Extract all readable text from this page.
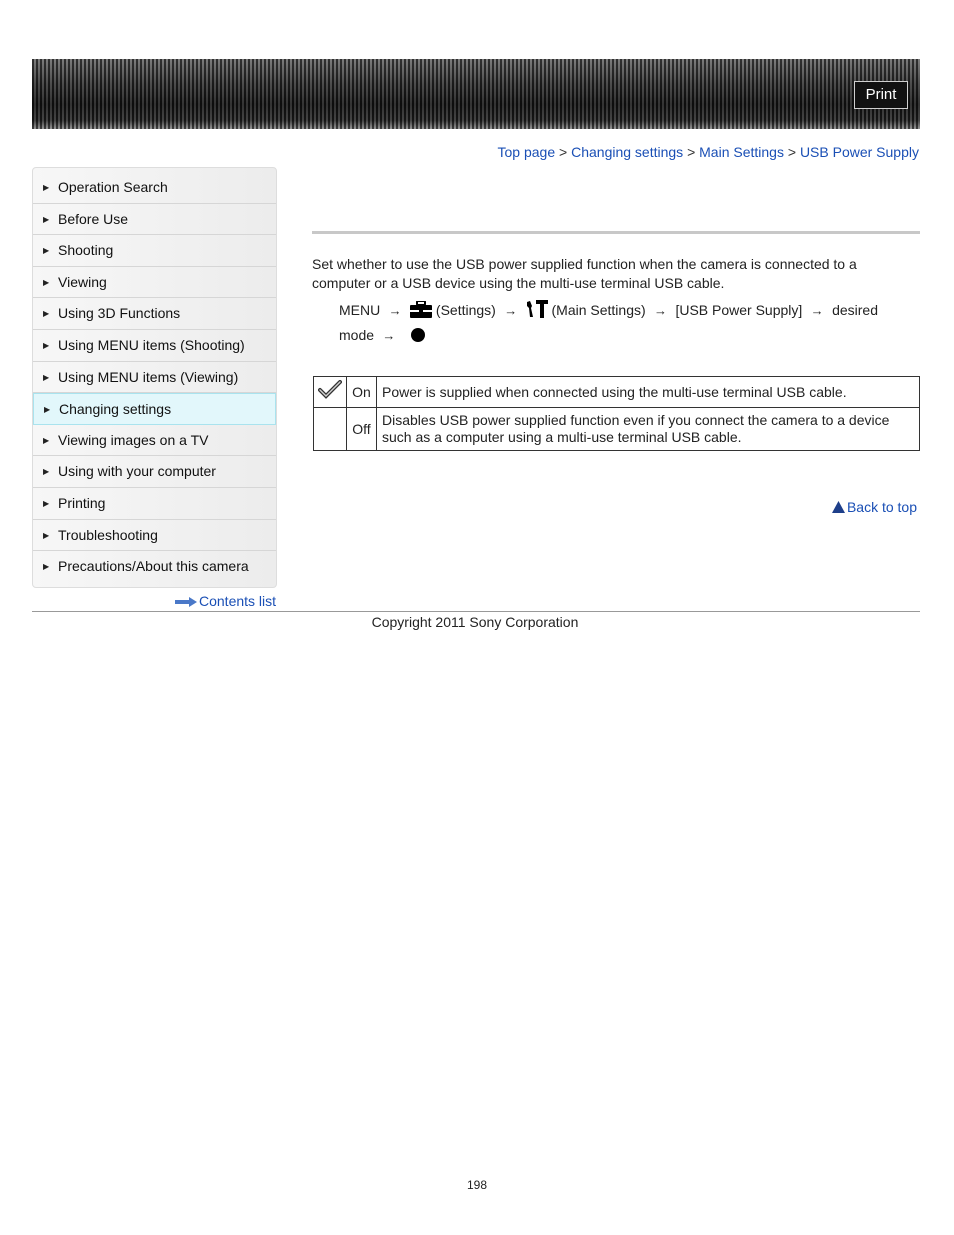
Print
Top page > Changing settings > Main Settings > USB Power Supply
▶ Operation Search
▶ Before Use
▶ Shooting
▶ Viewing
▶ Using 3D Functions
▶ Using MENU items (Shooting)
▶ Using MENU items (Viewing)
▶ Changing settings
▶ Viewing images on a TV
▶ Using with your computer
▶ Printing
▶ Troubleshooting
▶ Precautions/About this camera
Contents list
Set whether to use the USB power supplied function when the camera is connected to a computer or a USB device using the multi-use terminal USB cable.
MENU → (Settings) → (Main Settings) → [USB Power Supply] → desired
mode →
	On	Power is supplied when connected using the multi-use terminal USB cable.
	Off	Disables USB power supplied function even if you connect the camera to a device such as a computer using a multi-use terminal USB cable.
Back to top
Copyright 2011 Sony Corporation
198
